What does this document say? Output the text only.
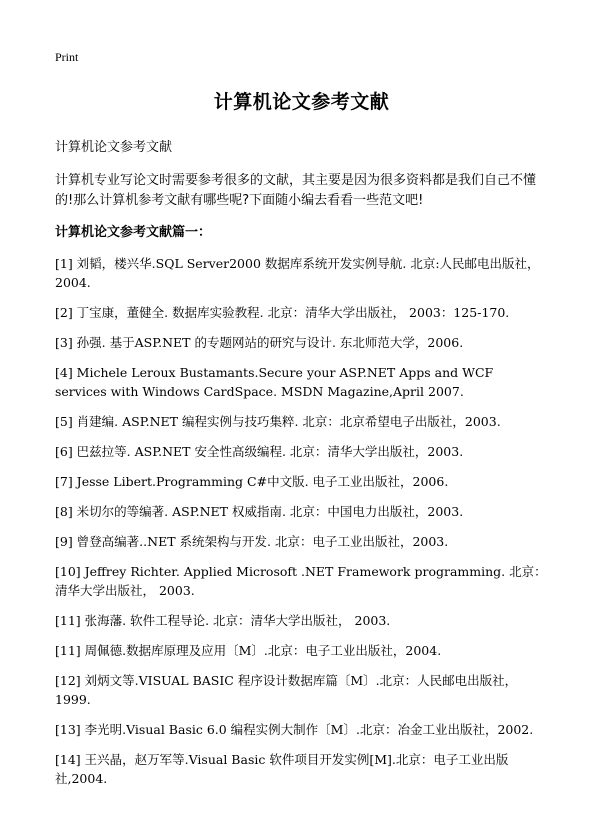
Print
计算机论文参考文献
计算机论文参考文献

计算机专业写论文时需要参考很多的文献，其主要是因为很多资料都是我们自己不懂的!那么计算机参考文献有哪些呢?下面随小编去看看一些范文吧!

计算机论文参考文献篇一：
[1] 刘韬，楼兴华.SQL Server2000 数据库系统开发实例导航. 北京:人民邮电出版社，2004.
[2] 丁宝康，董健全. 数据库实验教程. 北京：清华大学出版社， 2003：125-170.
[3] 孙强. 基于ASP.NET 的专题网站的研究与设计. 东北师范大学，2006.
[4] Michele Leroux Bustamants.Secure your ASP.NET Apps and WCF services with Windows CardSpace. MSDN Magazine,April 2007.
[5] 肖建编. ASP.NET 编程实例与技巧集粹. 北京：北京希望电子出版社，2003.
[6] 巴兹拉等. ASP.NET 安全性高级编程. 北京：清华大学出版社，2003.
[7] Jesse Libert.Programming C#中文版. 电子工业出版社，2006.
[8] 米切尔的等编著. ASP.NET 权威指南. 北京：中国电力出版社，2003.
[9] 曾登高编著..NET 系统架构与开发. 北京：电子工业出版社，2003.
[10] Jeffrey Richter. Applied Microsoft .NET Framework programming. 北京：清华大学出版社， 2003.
[11] 张海藩. 软件工程导论. 北京：清华大学出版社， 2003.
[11] 周佩德.数据库原理及应用〔M〕.北京：电子工业出版社，2004.
[12] 刘炳文等.VISUAL BASIC 程序设计数据库篇〔M〕.北京：人民邮电出版社，1999.
[13] 李光明.Visual Basic 6.0 编程实例大制作〔M〕.北京：冶金工业出版社，2002.
[14] 王兴晶，赵万军等.Visual Basic 软件项目开发实例[M].北京：电子工业出版社,2004.
